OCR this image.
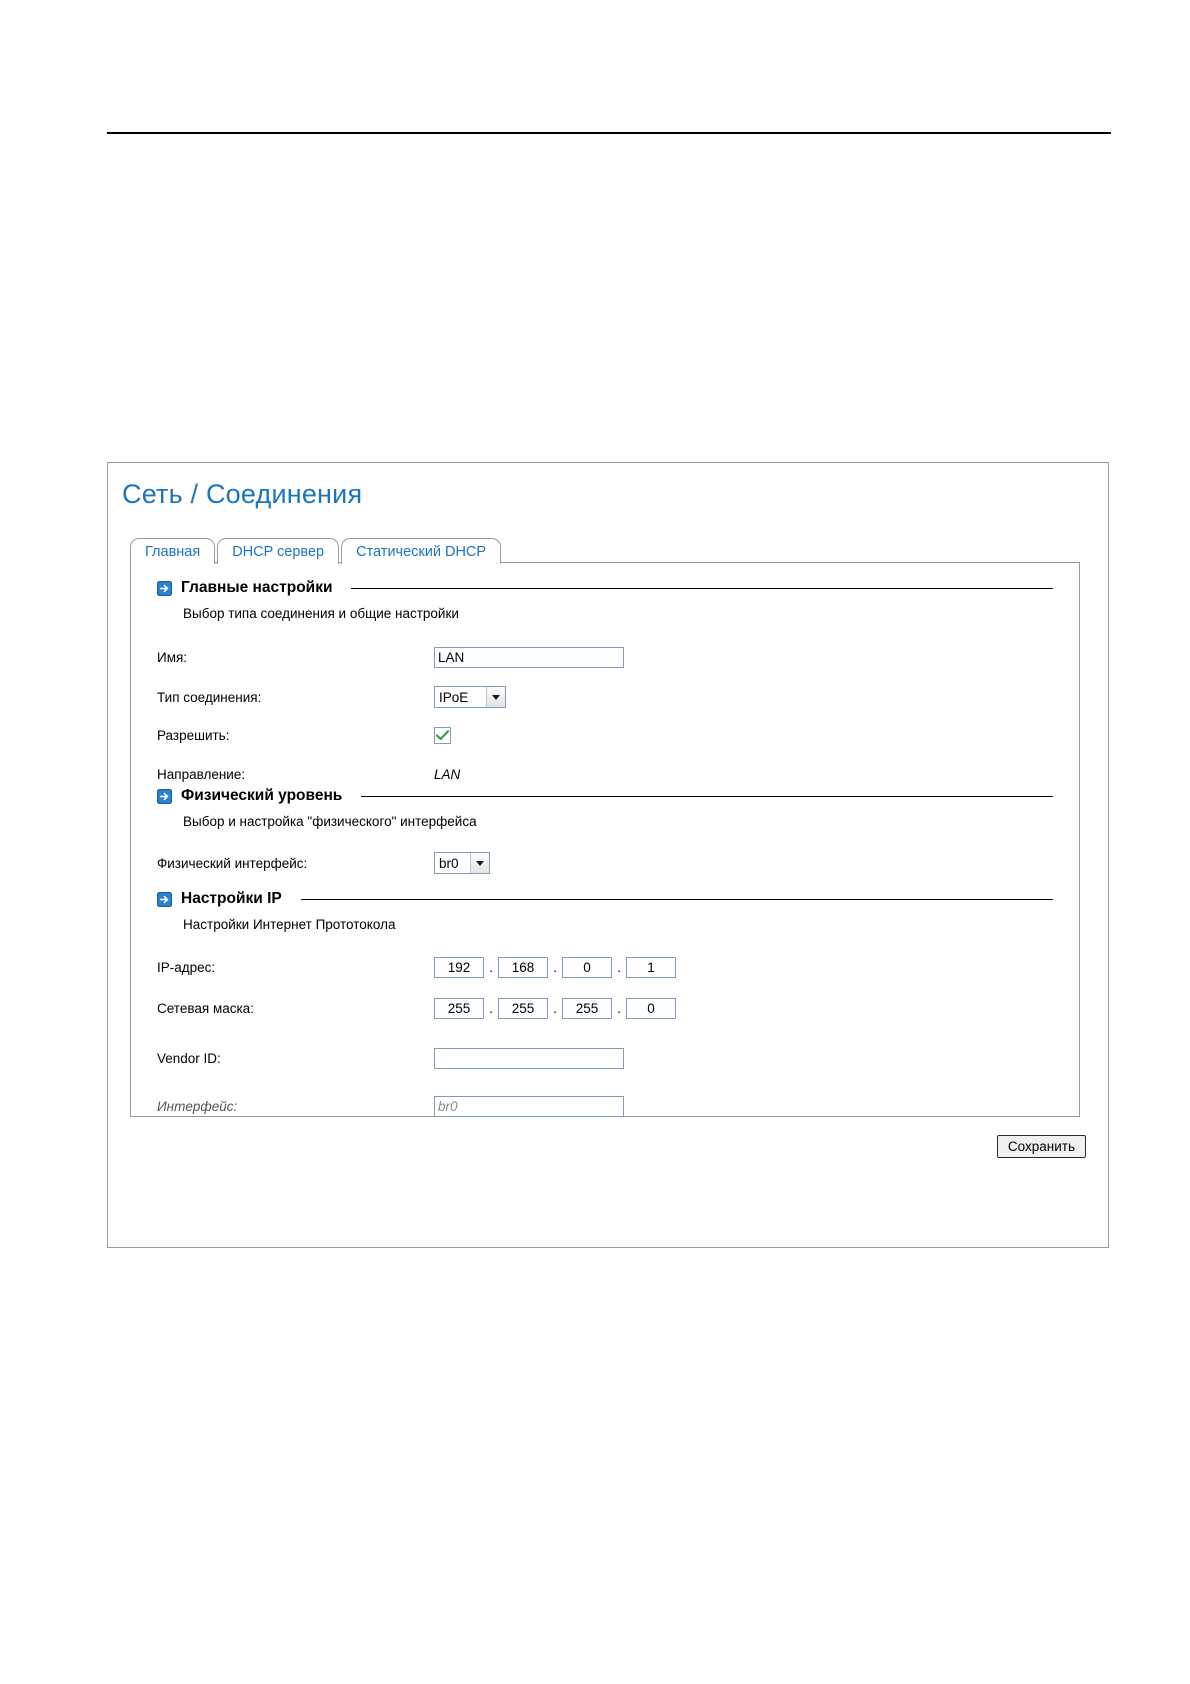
Сеть / Соединения
Главная	DHCP сервер	Статический DHCP
Главные настройки
Выбор типа соединения и общие настройки
Имя:
LAN
Тип соединения:	IPoE
Разрешить:
Направление:	LAN
Физический уровень
Выбор и настройка "физического" интерфейса
Физический интерфейс:	br0
Настройки IP
Настройки Интернет Прототокола
IP-адрес:
192	.
168	.
0	.
1
Сетевая маска:
255	.
255	.
255	.
0
Vendor ID:
Интерфейс:
br0
Сохранить
